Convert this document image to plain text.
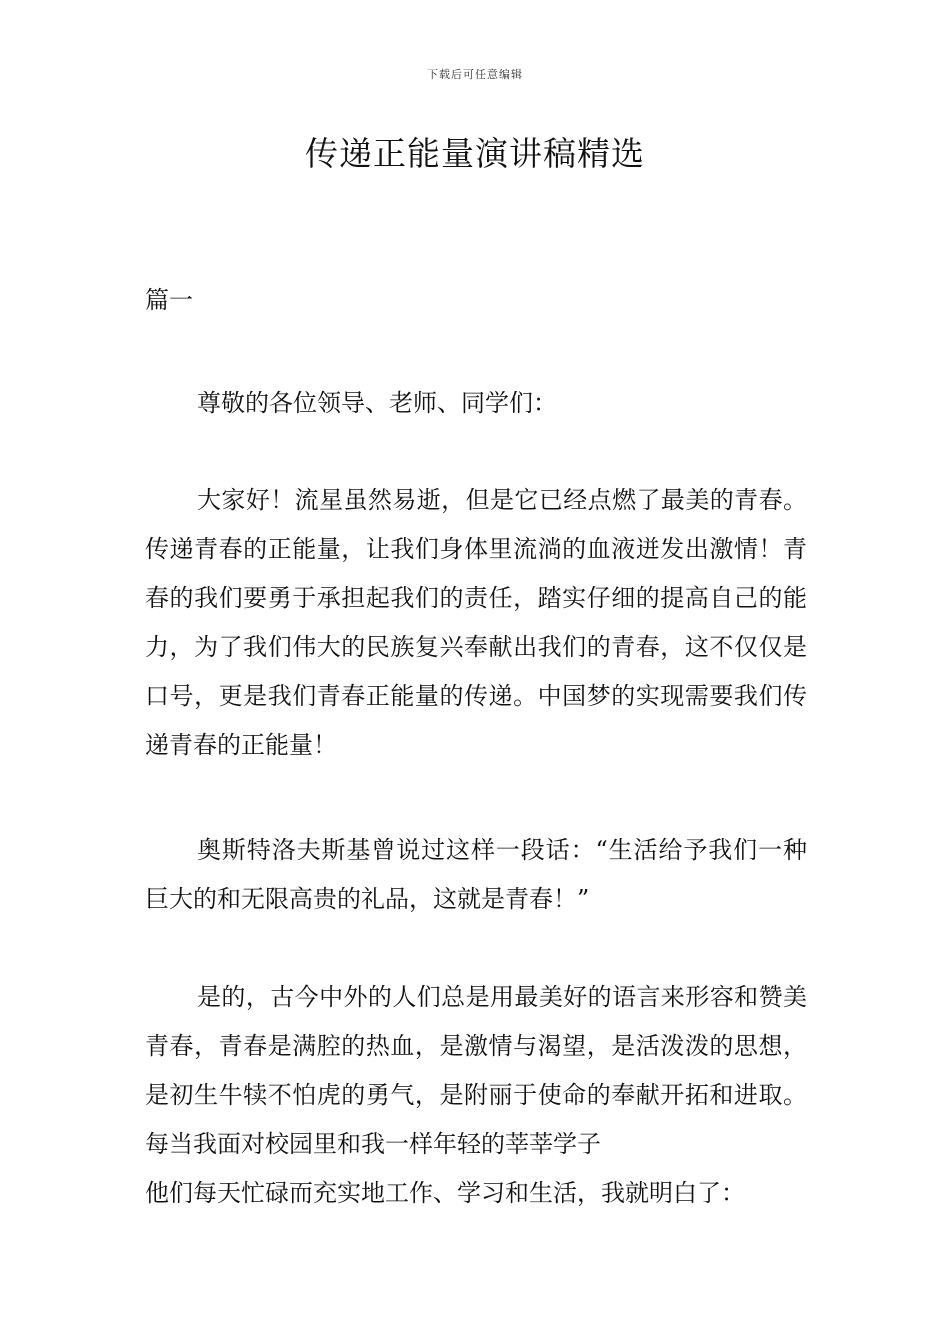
下载后可任意编辑
传递正能量演讲稿精选
篇一

尊敬的各位领导、老师、同学们：

大家好！流星虽然易逝，但是它已经点燃了最美的青春。传递青春的正能量，让我们身体里流淌的血液迸发出激情！青春的我们要勇于承担起我们的责任，踏实仔细的提高自己的能力，为了我们伟大的民族复兴奉献出我们的青春，这不仅仅是口号，更是我们青春正能量的传递。中国梦的实现需要我们传递青春的正能量！

奥斯特洛夫斯基曾说过这样一段话：“生活给予我们一种巨大的和无限高贵的礼品，这就是青春！”

是的，古今中外的人们总是用最美好的语言来形容和赞美青春，青春是满腔的热血，是激情与渴望，是活泼泼的思想，是初生牛犊不怕虎的勇气，是附丽于使命的奉献开拓和进取。每当我面对校园里和我一样年轻的莘莘学子
他们每天忙碌而充实地工作、学习和生活，我就明白了：
